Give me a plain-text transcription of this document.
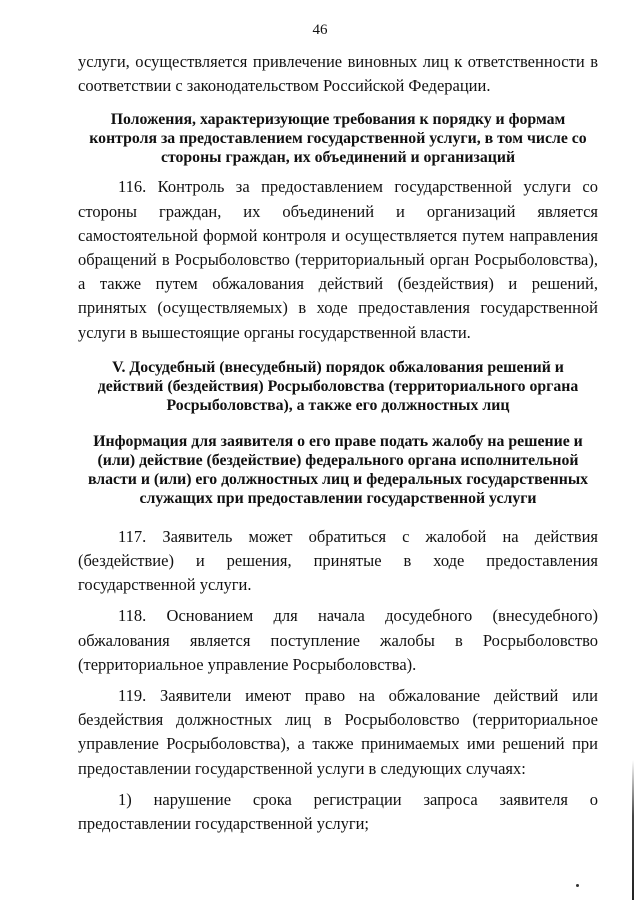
46

услуги, осуществляется привлечение виновных лиц к ответственности в соответствии с законодательством Российской Федерации.

Положения, характеризующие требования к порядку и формам контроля за предоставлением государственной услуги, в том числе со стороны граждан, их объединений и организаций

116. Контроль за предоставлением государственной услуги со стороны граждан, их объединений и организаций является самостоятельной формой контроля и осуществляется путем направления обращений в Росрыболовство (территориальный орган Росрыболовства), а также путем обжалования действий (бездействия) и решений, принятых (осуществляемых) в ходе предоставления государственной услуги в вышестоящие органы государственной власти.

V. Досудебный (внесудебный) порядок обжалования решений и действий (бездействия) Росрыболовства (территориального органа Росрыболовства), а также его должностных лиц
Информация для заявителя о его праве подать жалобу на решение и (или) действие (бездействие) федерального органа исполнительной власти и (или) его должностных лиц и федеральных государственных служащих при предоставлении государственной услуги

117. Заявитель может обратиться с жалобой на действия (бездействие) и решения, принятые в ходе предоставления государственной услуги.

118. Основанием для начала досудебного (внесудебного) обжалования является поступление жалобы в Росрыболовство (территориальное управление Росрыболовства).

119. Заявители имеют право на обжалование действий или бездействия должностных лиц в Росрыболовство (территориальное управление Росрыболовства), а также принимаемых ими решений при предоставлении государственной услуги в следующих случаях:

1) нарушение срока регистрации запроса заявителя о предоставлении государственной услуги;
